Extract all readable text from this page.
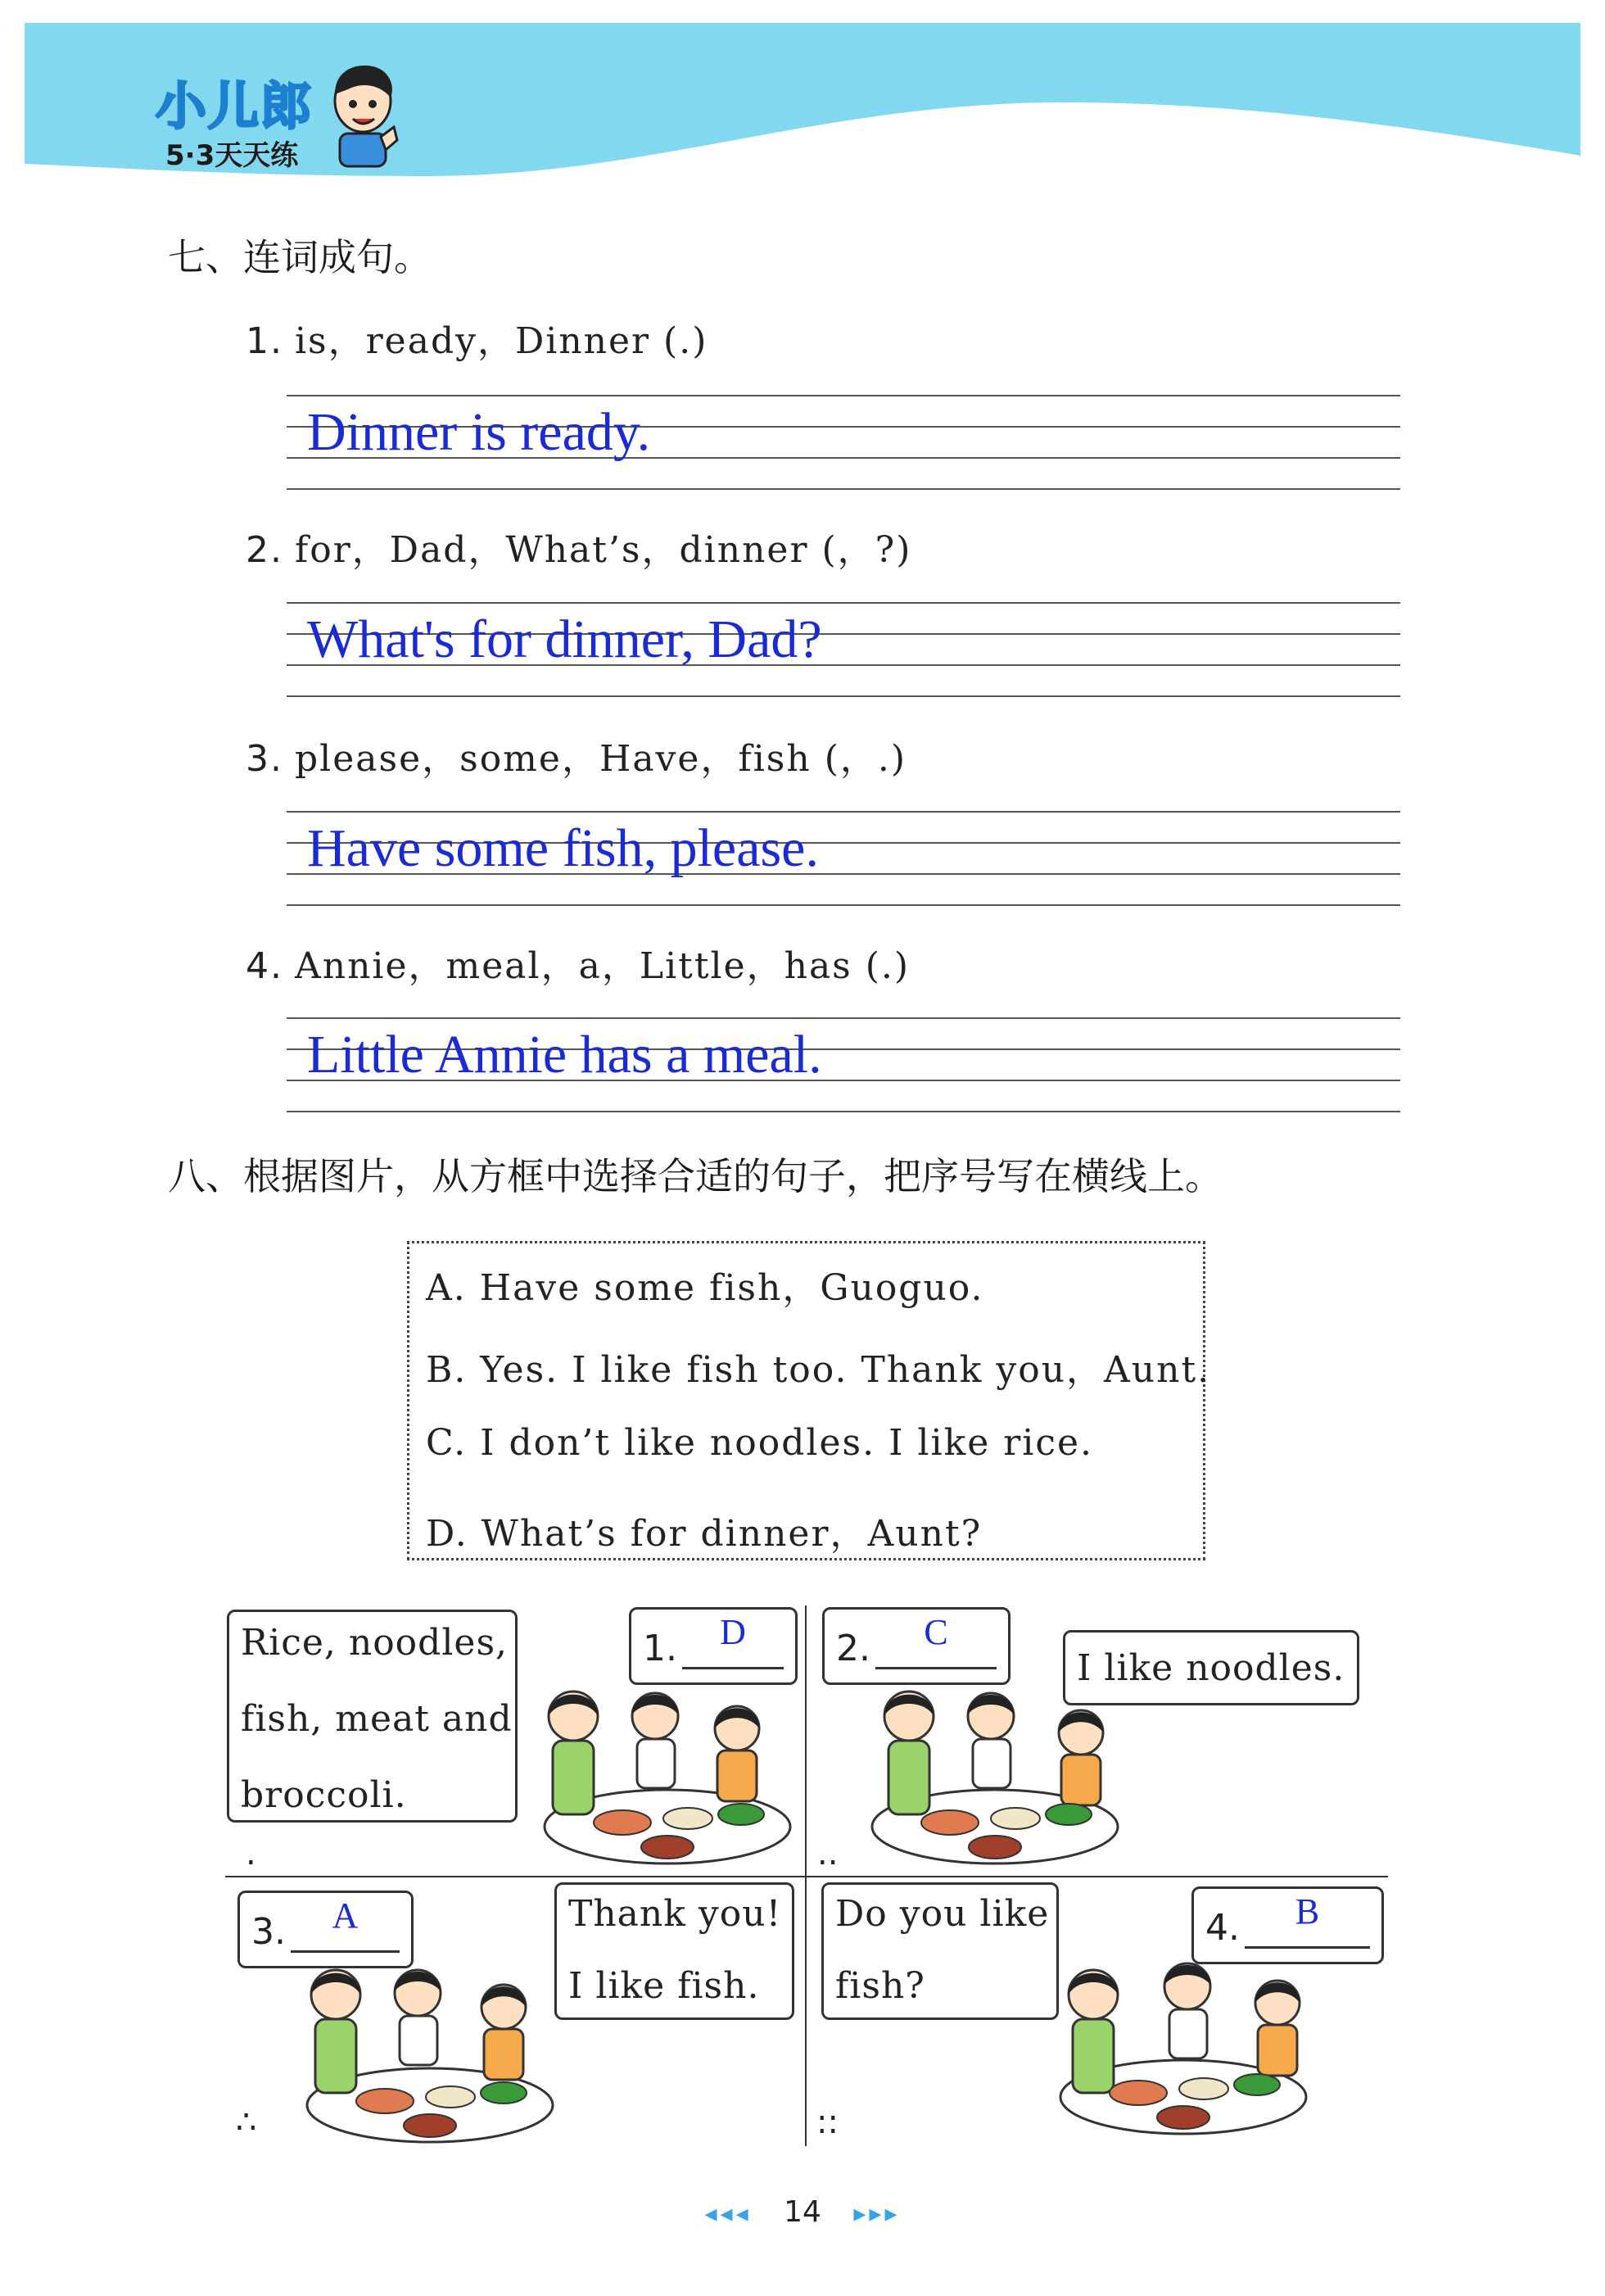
小儿郎
5·3天天练
七、连词成句。
1. is，ready，Dinner (.)
Dinner is ready.
2. for，Dad，What’s，dinner (，?)
What's for dinner, Dad?
3. please，some，Have，fish (，.)
Have some fish, please.
4. Annie，meal，a，Little，has (.)
Little Annie has a meal.
八、根据图片，从方框中选择合适的句子，把序号写在横线上。
A. Have some fish，Guoguo.
B. Yes. I like fish too. Thank you，Aunt.
C. I don’t like noodles. I like rice.
D. What’s for dinner，Aunt?
Rice, noodles,
fish, meat and
broccoli.
1.	D
.
2.	C
I like noodles.
..
3.	A	Thank you!
I like fish.
∴
Do you like
fish?
4.	B
::
◂◂◂ 14 ▸▸▸
